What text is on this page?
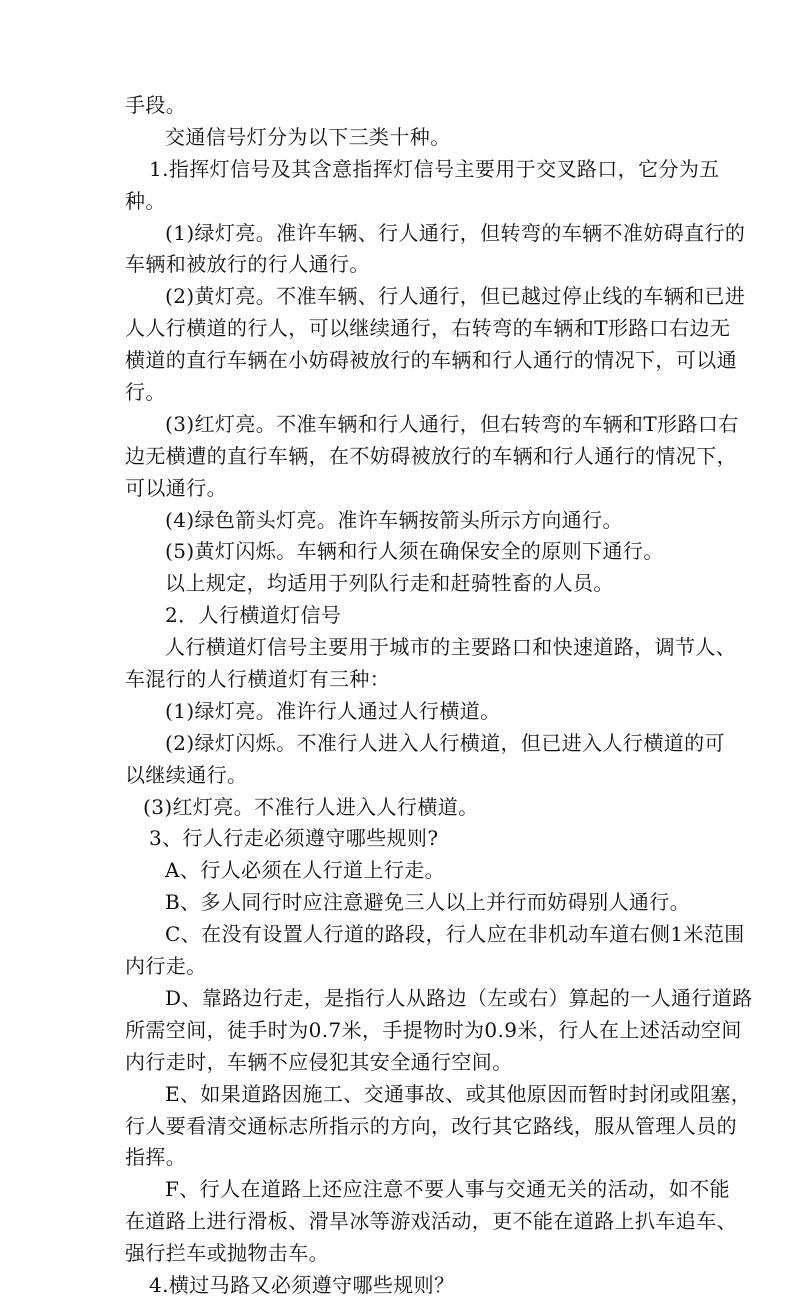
手段。
交通信号灯分为以下三类十种。
1.指挥灯信号及其含意指挥灯信号主要用于交叉路口，它分为五
种。
(1)绿灯亮。准许车辆、行人通行，但转弯的车辆不准妨碍直行的
车辆和被放行的行人通行。
(2)黄灯亮。不准车辆、行人通行，但已越过停止线的车辆和已进
人人行横道的行人，可以继续通行，右转弯的车辆和T形路口右边无
横道的直行车辆在小妨碍被放行的车辆和行人通行的情况下，可以通
行。
(3)红灯亮。不准车辆和行人通行，但右转弯的车辆和T形路口右
边无横遭的直行车辆，在不妨碍被放行的车辆和行人通行的情况下，
可以通行。
(4)绿色箭头灯亮。准许车辆按箭头所示方向通行。
(5)黄灯闪烁。车辆和行人须在确保安全的原则下通行。
以上规定，均适用于列队行走和赶骑牲畜的人员。
2．人行横道灯信号
人行横道灯信号主要用于城市的主要路口和快速道路，调节人、
车混行的人行横道灯有三种：
(1)绿灯亮。准许行人通过人行横道。
(2)绿灯闪烁。不准行人进入人行横道，但已进入人行横道的可
以继续通行。
(3)红灯亮。不准行人进入人行横道。
3、行人行走必须遵守哪些规则?
A、行人必须在人行道上行走。
B、多人同行时应注意避免三人以上并行而妨碍别人通行。
C、在没有设置人行道的路段，行人应在非机动车道右侧1米范围
内行走。
D、靠路边行走，是指行人从路边（左或右）算起的一人通行道路
所需空间，徒手时为0.7米，手提物时为0.9米，行人在上述活动空间
内行走时，车辆不应侵犯其安全通行空间。
E、如果道路因施工、交通事故、或其他原因而暂时封闭或阻塞，
行人要看清交通标志所指示的方向，改行其它路线，服从管理人员的
指挥。
F、行人在道路上还应注意不要人事与交通无关的活动，如不能
在道路上进行滑板、滑旱冰等游戏活动，更不能在道路上扒车追车、
强行拦车或抛物击车。
4.横过马路又必须遵守哪些规则？
